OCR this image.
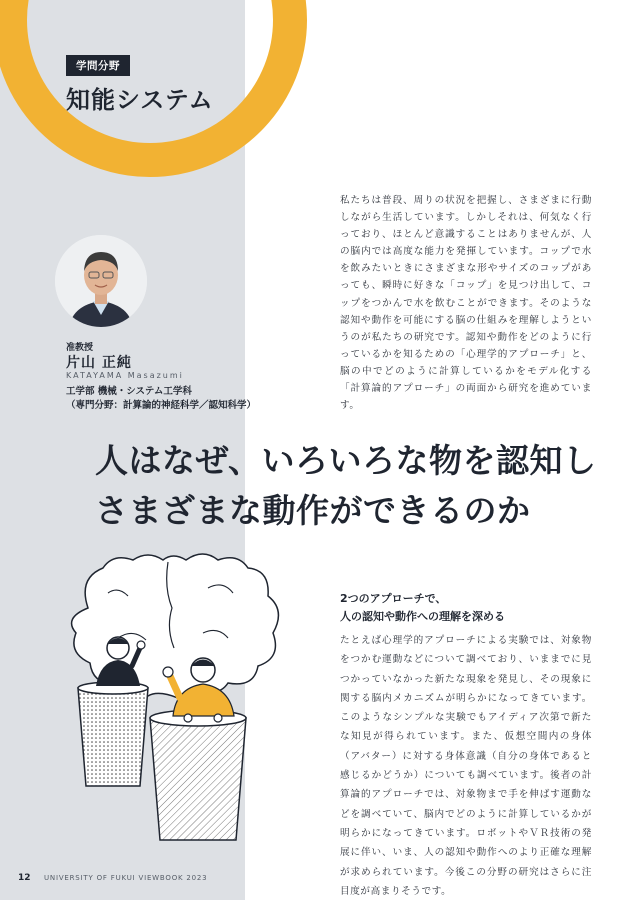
学問分野
知能システム
准教授
片山 正純
KATAYAMA Masazumi
工学部 機械・システム工学科
（専門分野：計算論的神経科学／認知科学）
私たちは普段、周りの状況を把握し、さまざまに行動しながら生活しています。しかしそれは、何気なく行っており、ほとんど意識することはありませんが、人の脳内では高度な能力を発揮しています。コップで水を飲みたいときにさまざまな形やサイズのコップがあっても、瞬時に好きな「コップ」を見つけ出して、コップをつかんで水を飲むことができます。そのような認知や動作を可能にする脳の仕組みを理解しようというのが私たちの研究です。認知や動作をどのように行っているかを知るための「心理学的アプローチ」と、脳の中でどのように計算しているかをモデル化する「計算論的アプローチ」の両面から研究を進めています。
人はなぜ、いろいろな物を認知し
さまざまな動作ができるのか
2つのアプローチで、
人の認知や動作への理解を深める
たとえば心理学的アプローチによる実験では、対象物をつかむ運動などについて調べており、いままでに見つかっていなかった新たな現象を発見し、その現象に関する脳内メカニズムが明らかになってきています。このようなシンプルな実験でもアイディア次第で新たな知見が得られています。また、仮想空間内の身体（アバター）に対する身体意識（自分の身体であると感じるかどうか）についても調べています。後者の計算論的アプローチでは、対象物まで手を伸ばす運動などを調べていて、脳内でどのように計算しているかが明らかになってきています。ロボットやＶＲ技術の発展に伴い、いま、人の認知や動作へのより正確な理解が求められています。今後この分野の研究はさらに注目度が高まりそうです。
12 UNIVERSITY OF FUKUI VIEWBOOK 2023
